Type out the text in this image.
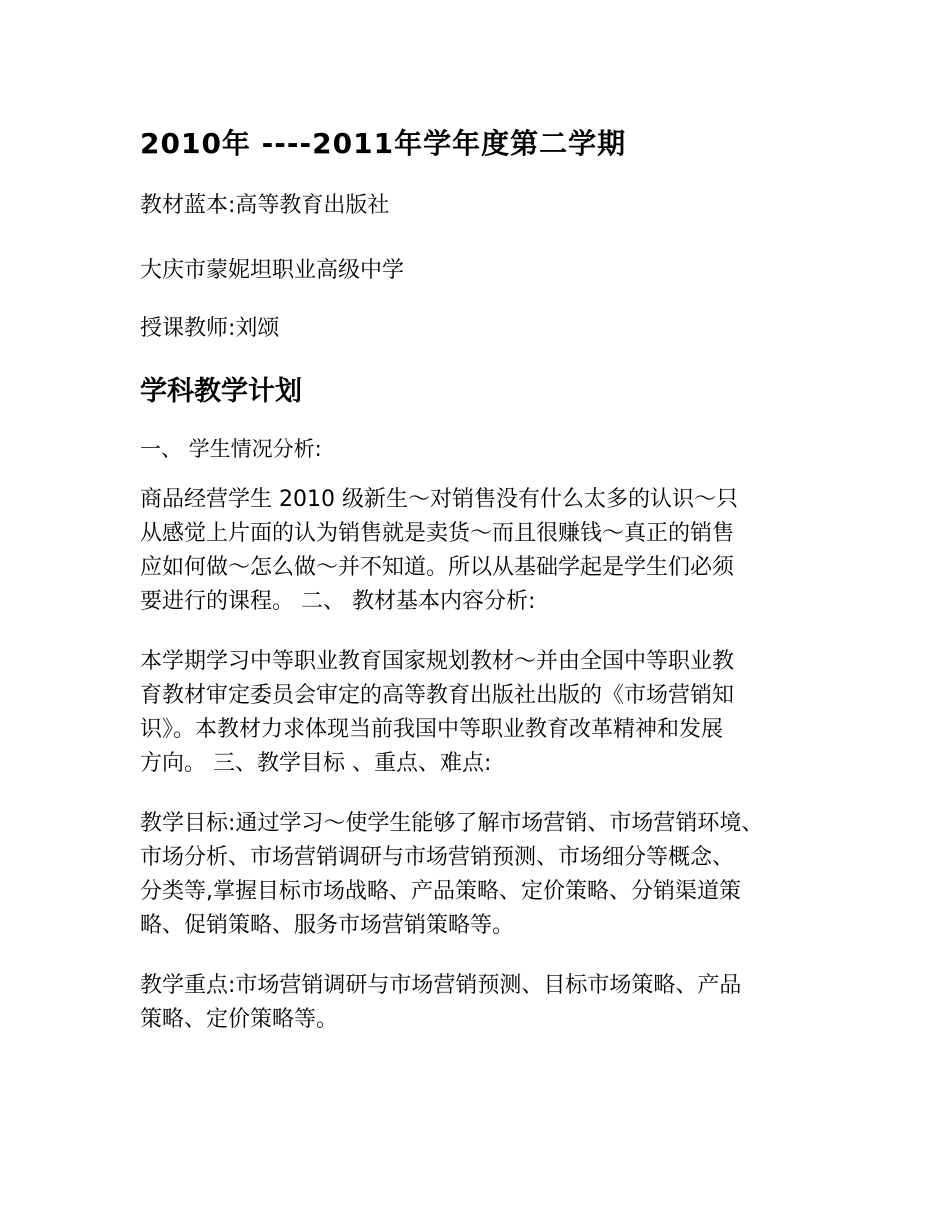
2010年 ----2011年学年度第二学期

教材蓝本:高等教育出版社

大庆市蒙妮坦职业高级中学

授课教师:刘颂

学科教学计划

一、 学生情况分析:

商品经营学生 2010 级新生～对销售没有什么太多的认识～只
从感觉上片面的认为销售就是卖货～而且很赚钱～真正的销售
应如何做～怎么做～并不知道。所以从基础学起是学生们必须
要进行的课程。 二、 教材基本内容分析:
本学期学习中等职业教育国家规划教材～并由全国中等职业教
育教材审定委员会审定的高等教育出版社出版的《市场营销知
识》。本教材力求体现当前我国中等职业教育改革精神和发展
方向。 三、教学目标 、重点、难点:
教学目标:通过学习～使学生能够了解市场营销、市场营销环境、
市场分析、市场营销调研与市场营销预测、市场细分等概念、
分类等,掌握目标市场战略、产品策略、定价策略、分销渠道策
略、促销策略、服务市场营销策略等。
教学重点:市场营销调研与市场营销预测、目标市场策略、产品
策略、定价策略等。
